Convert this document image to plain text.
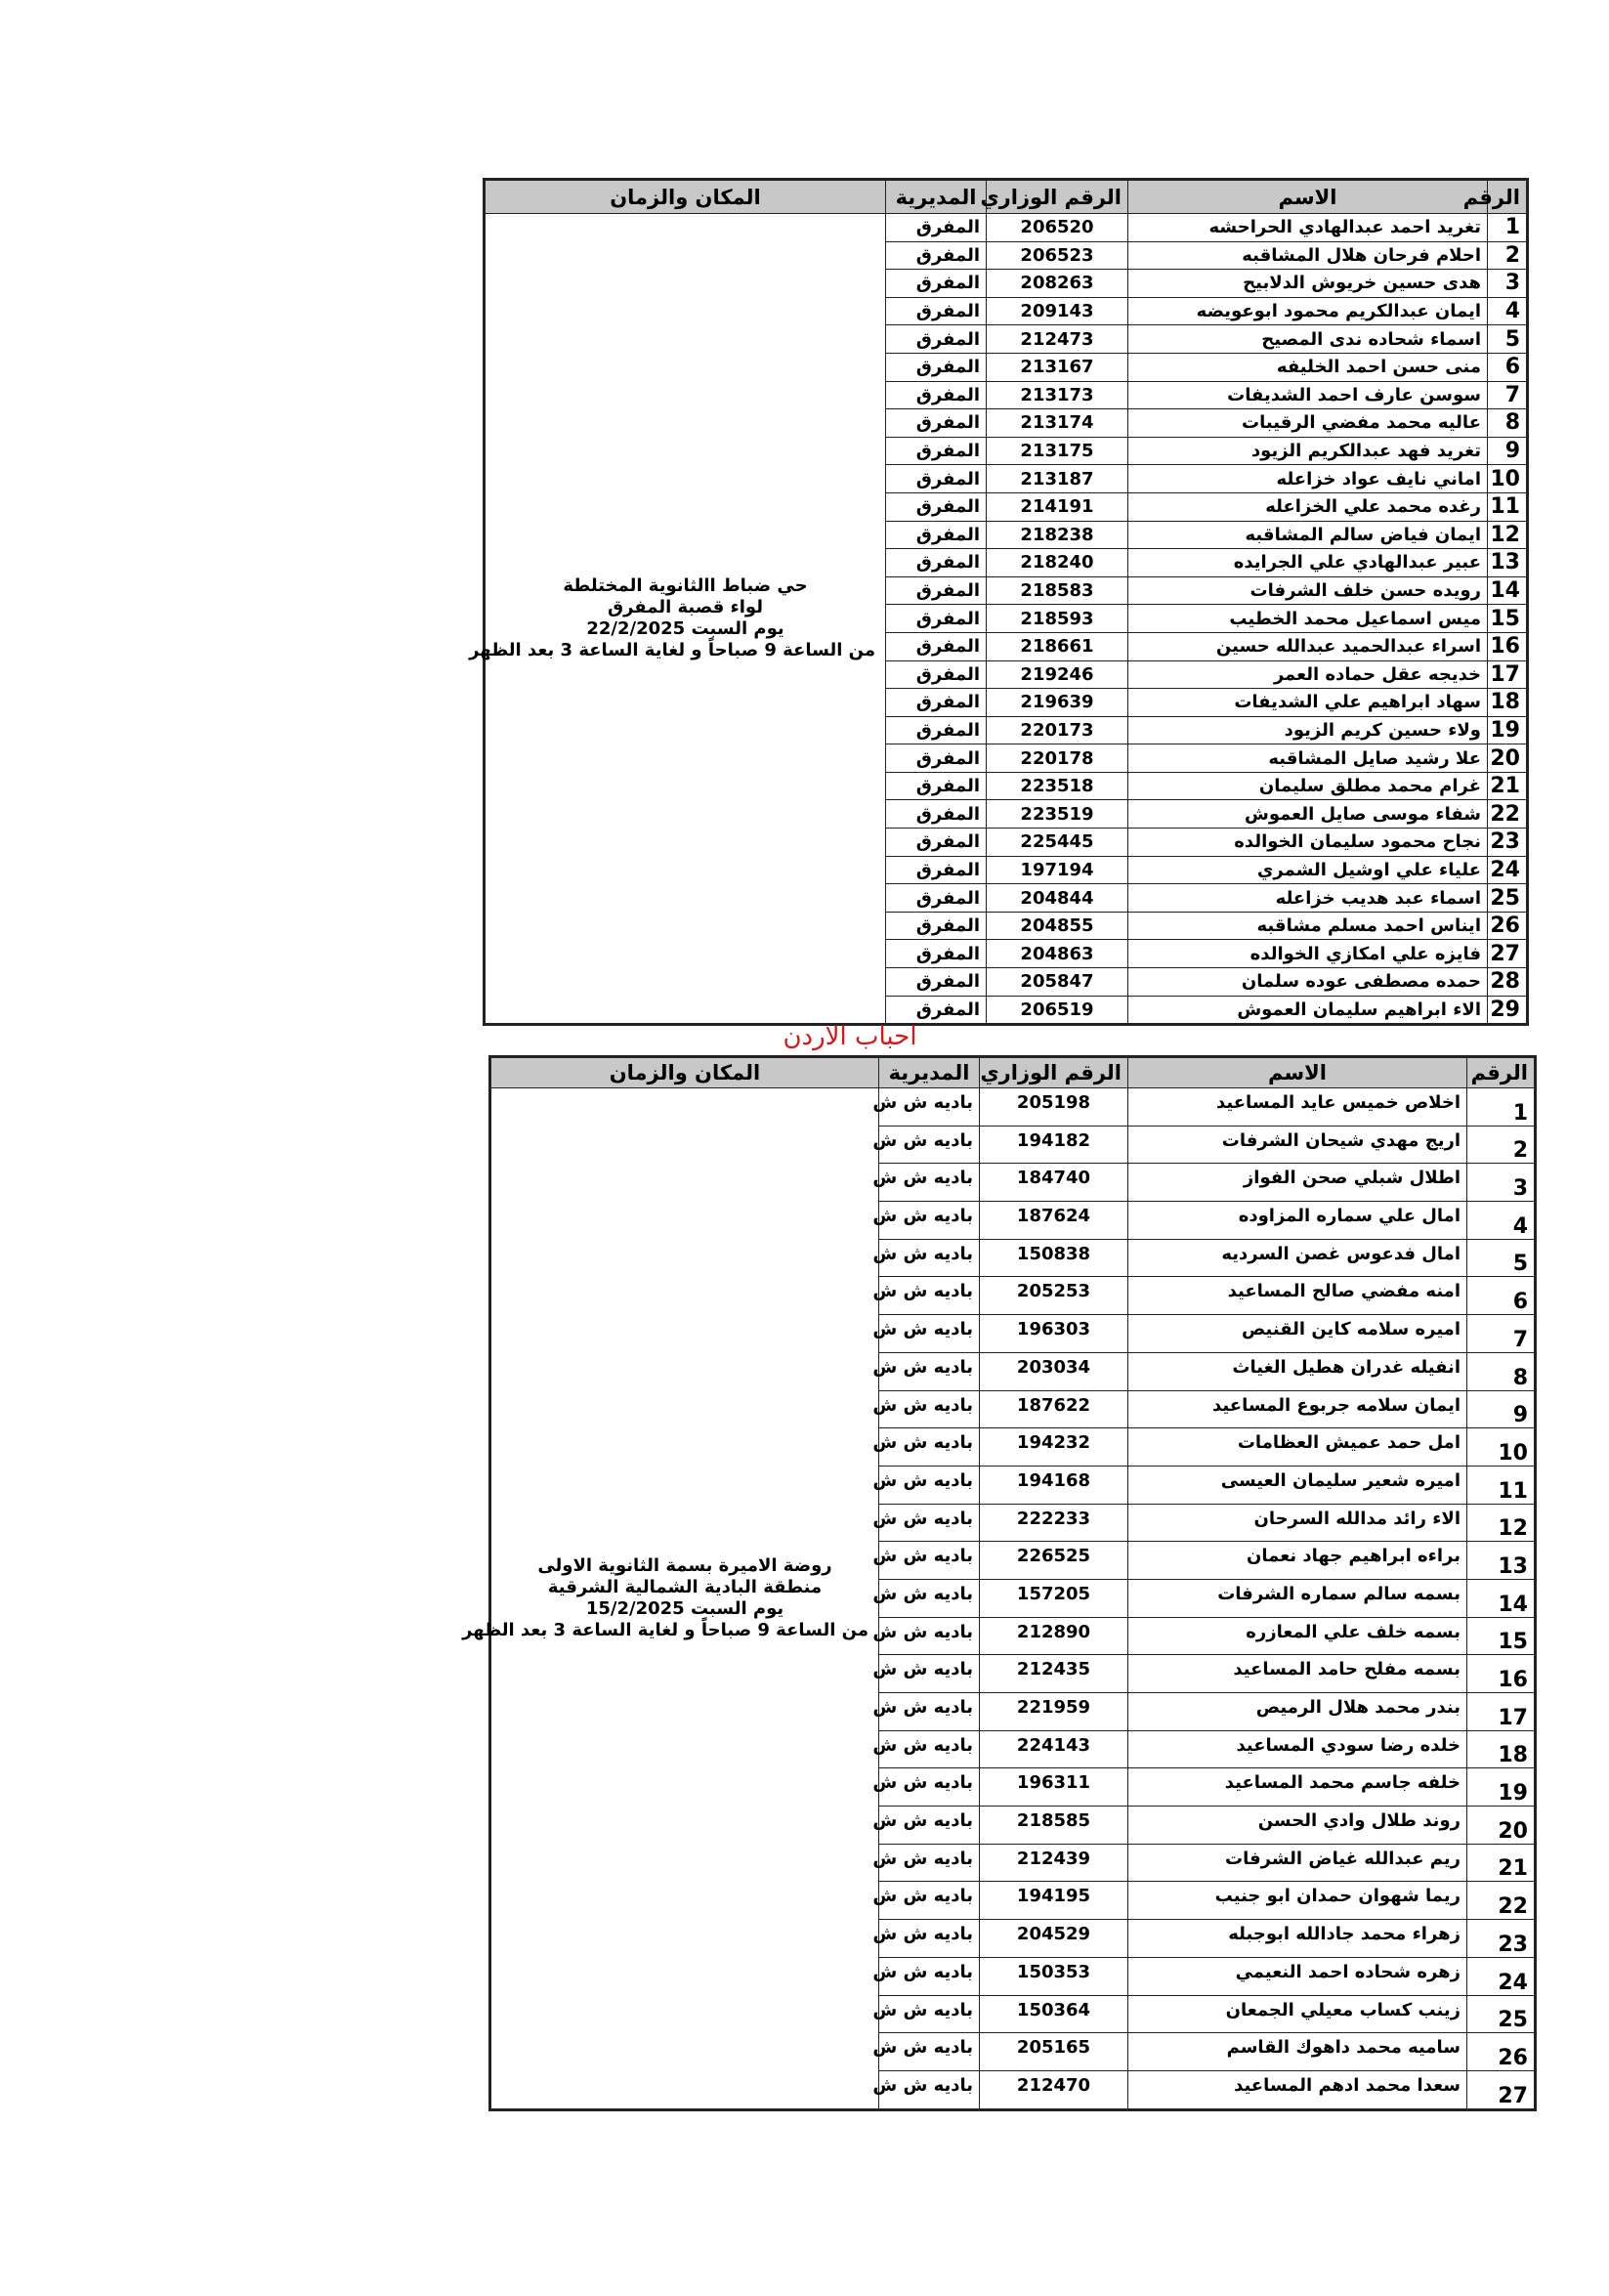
الرقم	الاسم	الرقم الوزاري	المديرية	المكان والزمان
1	تغريد احمد عبدالهادي الحراحشه	206520	المفرق	حي ضباط االثانوية المختلطة
لواء قصبة المفرق
يوم السبت 22/2/2025
من الساعة 9 صباحاً و لغاية الساعة 3 بعد الظهر

2	احلام فرحان هلال المشاقبه	206523	المفرق	
3	هدى حسين خريوش الدلابيح	208263	المفرق	
4	ايمان عبدالكريم محمود ابوعويضه	209143	المفرق	
5	اسماء شحاده ندى المصيح	212473	المفرق	
6	منى حسن احمد الخليفه	213167	المفرق	
7	سوسن عارف احمد الشديفات	213173	المفرق	
8	عاليه محمد مفضي الرقيبات	213174	المفرق	
9	تغريد فهد عبدالكريم الزيود	213175	المفرق	
10	اماني نايف عواد خزاعله	213187	المفرق	
11	رغده محمد علي الخزاعله	214191	المفرق	
12	ايمان فياض سالم المشاقبه	218238	المفرق	
13	عبير عبدالهادي علي الجرايده	218240	المفرق	
14	رويده حسن خلف الشرفات	218583	المفرق	
15	ميس اسماعيل محمد الخطيب	218593	المفرق	
16	اسراء عبدالحميد عبدالله حسين	218661	المفرق	
17	خديجه عقل حماده العمر	219246	المفرق	
18	سهاد ابراهيم علي الشديفات	219639	المفرق	
19	ولاء حسين كريم الزيود	220173	المفرق	
20	علا رشيد صايل المشاقبه	220178	المفرق	
21	غرام محمد مطلق سليمان	223518	المفرق	
22	شفاء موسى صايل العموش	223519	المفرق	
23	نجاح محمود سليمان الخوالده	225445	المفرق	
24	علياء علي اوشيل الشمري	197194	المفرق	
25	اسماء عبد هديب خزاعله	204844	المفرق	
26	ايناس احمد مسلم مشاقبه	204855	المفرق	
27	فايزه علي امكازي الخوالده	204863	المفرق	
28	حمده مصطفى عوده سلمان	205847	المفرق	
29	الاء ابراهيم سليمان العموش	206519	المفرق	
احباب الاردن
الرقم	الاسم	الرقم الوزاري	المديرية	المكان والزمان
1	اخلاص خميس عايد المساعيد	205198	باديه ش ش	روضة الاميرة بسمة الثانوية الاولى
منطقة البادية الشمالية الشرقية
يوم السبت 15/2/2025
من الساعة 9 صباحاً و لغاية الساعة 3 بعد الظهر

2	اريج مهدي شيحان الشرفات	194182	باديه ش ش	
3	اطلال شبلي صحن الفواز	184740	باديه ش ش	
4	امال علي سماره المزاوده	187624	باديه ش ش	
5	امال فدعوس غصن السرديه	150838	باديه ش ش	
6	امنه مفضي صالح المساعيد	205253	باديه ش ش	
7	اميره سلامه كاين القنيص	196303	باديه ش ش	
8	انفيله غدران هطيل الغياث	203034	باديه ش ش	
9	ايمان سلامه جربوع المساعيد	187622	باديه ش ش	
10	امل حمد عميش العظامات	194232	باديه ش ش	
11	اميره شعير سليمان العيسى	194168	باديه ش ش	
12	الاء رائد مدالله السرحان	222233	باديه ش ش	
13	براءه ابراهيم جهاد نعمان	226525	باديه ش ش	
14	بسمه سالم سماره الشرفات	157205	باديه ش ش	
15	بسمه خلف علي المعازره	212890	باديه ش ش	
16	بسمه مفلح حامد المساعيد	212435	باديه ش ش	
17	بندر محمد هلال الرميص	221959	باديه ش ش	
18	خلده رضا سودي المساعيد	224143	باديه ش ش	
19	خلفه جاسم محمد المساعيد	196311	باديه ش ش	
20	روند طلال وادي الحسن	218585	باديه ش ش	
21	ريم عبدالله غياض الشرفات	212439	باديه ش ش	
22	ريما شهوان حمدان ابو جنيب	194195	باديه ش ش	
23	زهراء محمد جادالله ابوجبله	204529	باديه ش ش	
24	زهره شحاده احمد النعيمي	150353	باديه ش ش	
25	زينب كساب معيلي الجمعان	150364	باديه ش ش	
26	ساميه محمد داهوك القاسم	205165	باديه ش ش	
27	سعدا محمد ادهم المساعيد	212470	باديه ش ش	
